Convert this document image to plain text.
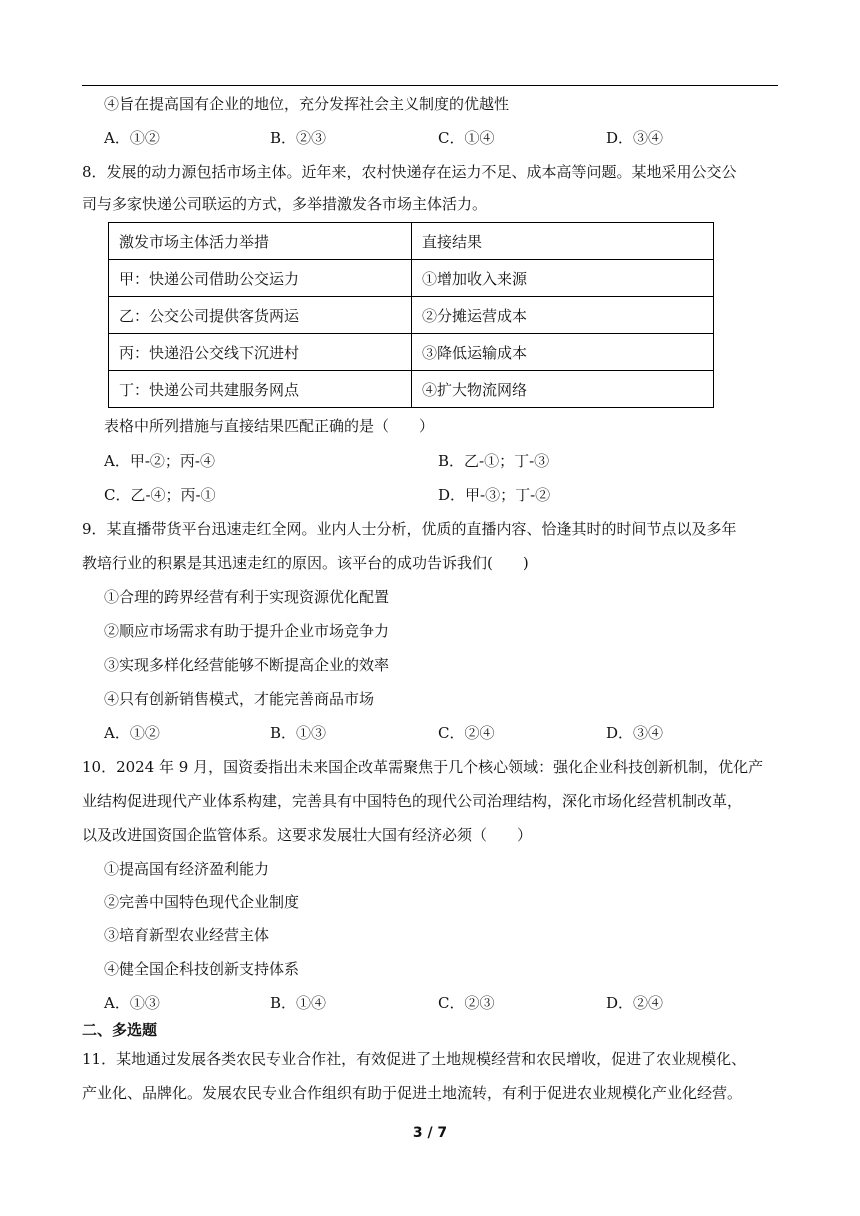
④旨在提高国有企业的地位，充分发挥社会主义制度的优越性
A．①②	B．②③	C．①④	D．③④
8．发展的动力源包括市场主体。近年来，农村快递存在运力不足、成本高等问题。某地采用公交公
司与多家快递公司联运的方式，多举措激发各市场主体活力。
激发市场主体活力举措	直接结果
甲：快递公司借助公交运力	①增加收入来源
乙：公交公司提供客货两运	②分摊运营成本
丙：快递沿公交线下沉进村	③降低运输成本
丁：快递公司共建服务网点	④扩大物流网络
表格中所列措施与直接结果匹配正确的是（　　）
A．甲-②；丙-④	B．乙-①；丁-③
C．乙-④；丙-①	D．甲-③；丁-②
9．某直播带货平台迅速走红全网。业内人士分析，优质的直播内容、恰逢其时的时间节点以及多年
教培行业的积累是其迅速走红的原因。该平台的成功告诉我们(　　)
①合理的跨界经营有利于实现资源优化配置
②顺应市场需求有助于提升企业市场竞争力
③实现多样化经营能够不断提高企业的效率
④只有创新销售模式，才能完善商品市场
A．①②	B．①③	C．②④	D．③④
10．2024 年 9 月，国资委指出未来国企改革需聚焦于几个核心领域：强化企业科技创新机制，优化产
业结构促进现代产业体系构建，完善具有中国特色的现代公司治理结构，深化市场化经营机制改革，
以及改进国资国企监管体系。这要求发展壮大国有经济必须（　　）
①提高国有经济盈利能力
②完善中国特色现代企业制度
③培育新型农业经营主体
④健全国企科技创新支持体系
A．①③	B．①④	C．②③	D．②④
二、多选题
11．某地通过发展各类农民专业合作社，有效促进了土地规模经营和农民增收，促进了农业规模化、
产业化、品牌化。发展农民专业合作组织有助于促进土地流转，有利于促进农业规模化产业化经营。
3 / 7
